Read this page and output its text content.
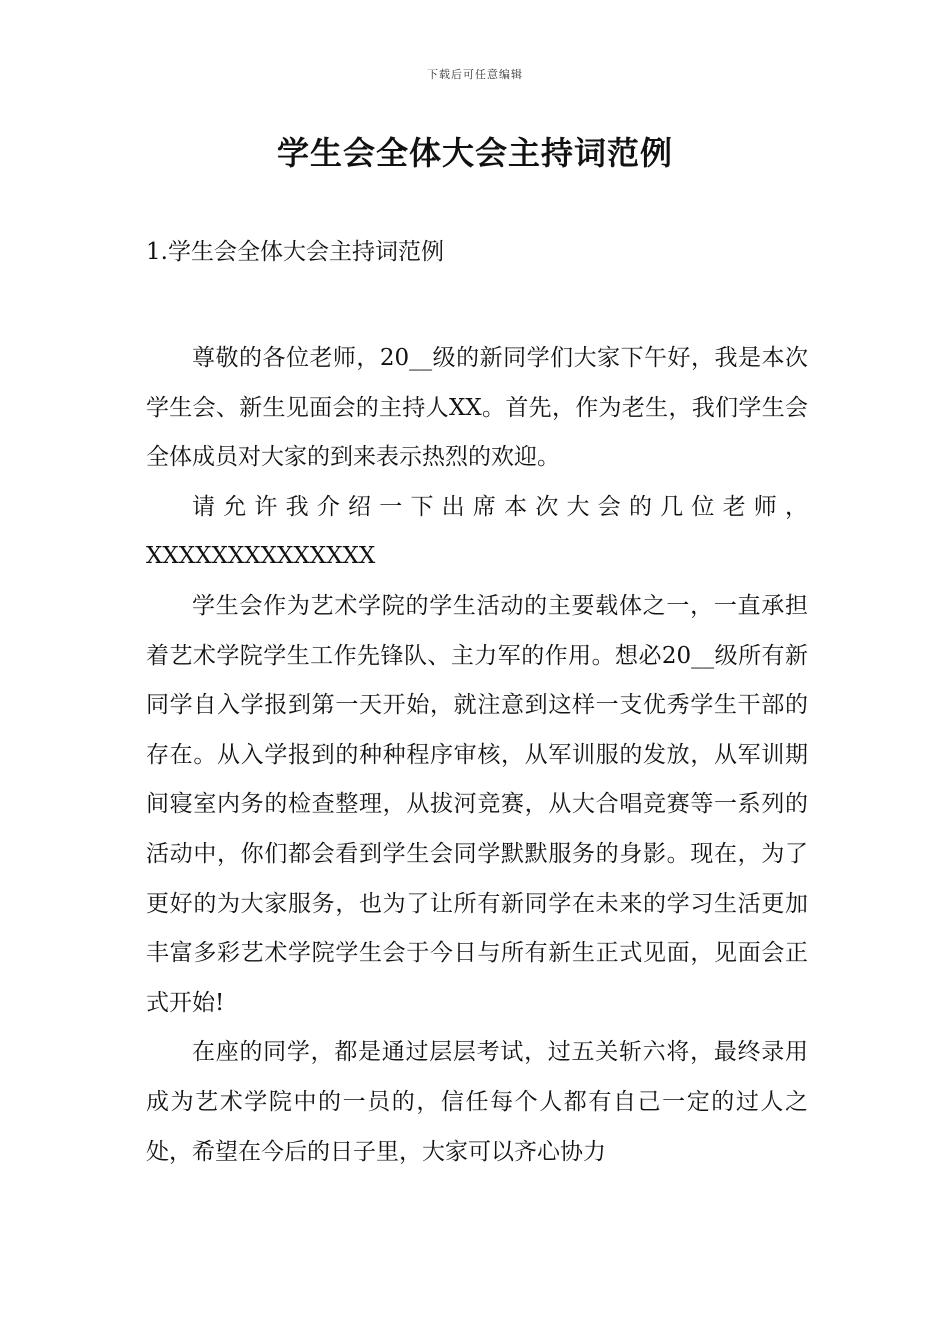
下载后可任意编辑
学生会全体大会主持词范例
1.学生会全体大会主持词范例

尊敬的各位老师，20__级的新同学们大家下午好，我是本次学生会、新生见面会的主持人XX。首先，作为老生，我们学生会全体成员对大家的到来表示热烈的欢迎。

请允许我介绍一下出席本次大会的几位老师，XXXXXXXXXXXXXX

学生会作为艺术学院的学生活动的主要载体之一，一直承担着艺术学院学生工作先锋队、主力军的作用。想必20__级所有新同学自入学报到第一天开始，就注意到这样一支优秀学生干部的存在。从入学报到的种种程序审核，从军训服的发放，从军训期间寝室内务的检查整理，从拔河竞赛，从大合唱竞赛等一系列的活动中，你们都会看到学生会同学默默服务的身影。现在，为了更好的为大家服务，也为了让所有新同学在未来的学习生活更加丰富多彩艺术学院学生会于今日与所有新生正式见面，见面会正式开始!

在座的同学，都是通过层层考试，过五关斩六将，最终录用成为艺术学院中的一员的，信任每个人都有自己一定的过人之处，希望在今后的日子里，大家可以齐心协力
